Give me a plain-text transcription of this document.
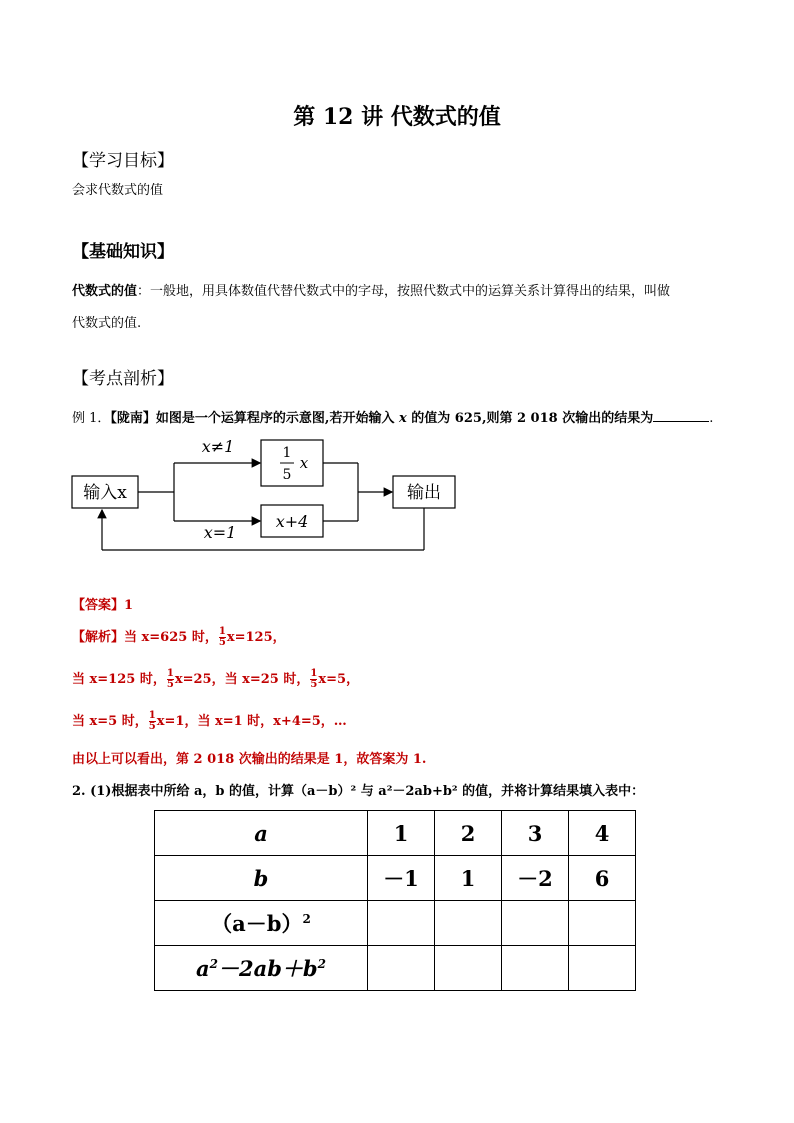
第 12 讲 代数式的值
【学习目标】
会求代数式的值
【基础知识】
代数式的值：一般地，用具体数值代替代数式中的字母，按照代数式中的运算关系计算得出的结果，叫做
代数式的值.
【考点剖析】
例 1．【陇南】如图是一个运算程序的示意图,若开始输入 x 的值为 625,则第 2 018 次输出的结果为	.
输入x
x≠1
x=1
1
5
x
x+4
输出
【答案】1
【解析】当 x=625 时， $\frac{1}{5} x=125$，
当 x=125 时， $\frac{1}{5} x=25$，当 x=25 时， $\frac{1}{5} x=5$，
当 x=5 时， $\frac{1}{5} x=1$，当 x=1 时，x+4=5，…
由以上可以看出，第 2 018 次输出的结果是 1，故答案为 1.
2. (1)根据表中所给 a，b 的值，计算（a－b）² 与 a²－2ab+b² 的值，并将计算结果填入表中：
a	1	2	3	4
b	－1	1	－2	6
$(a-b)^2$				
$a^2-2ab+b^2$				
